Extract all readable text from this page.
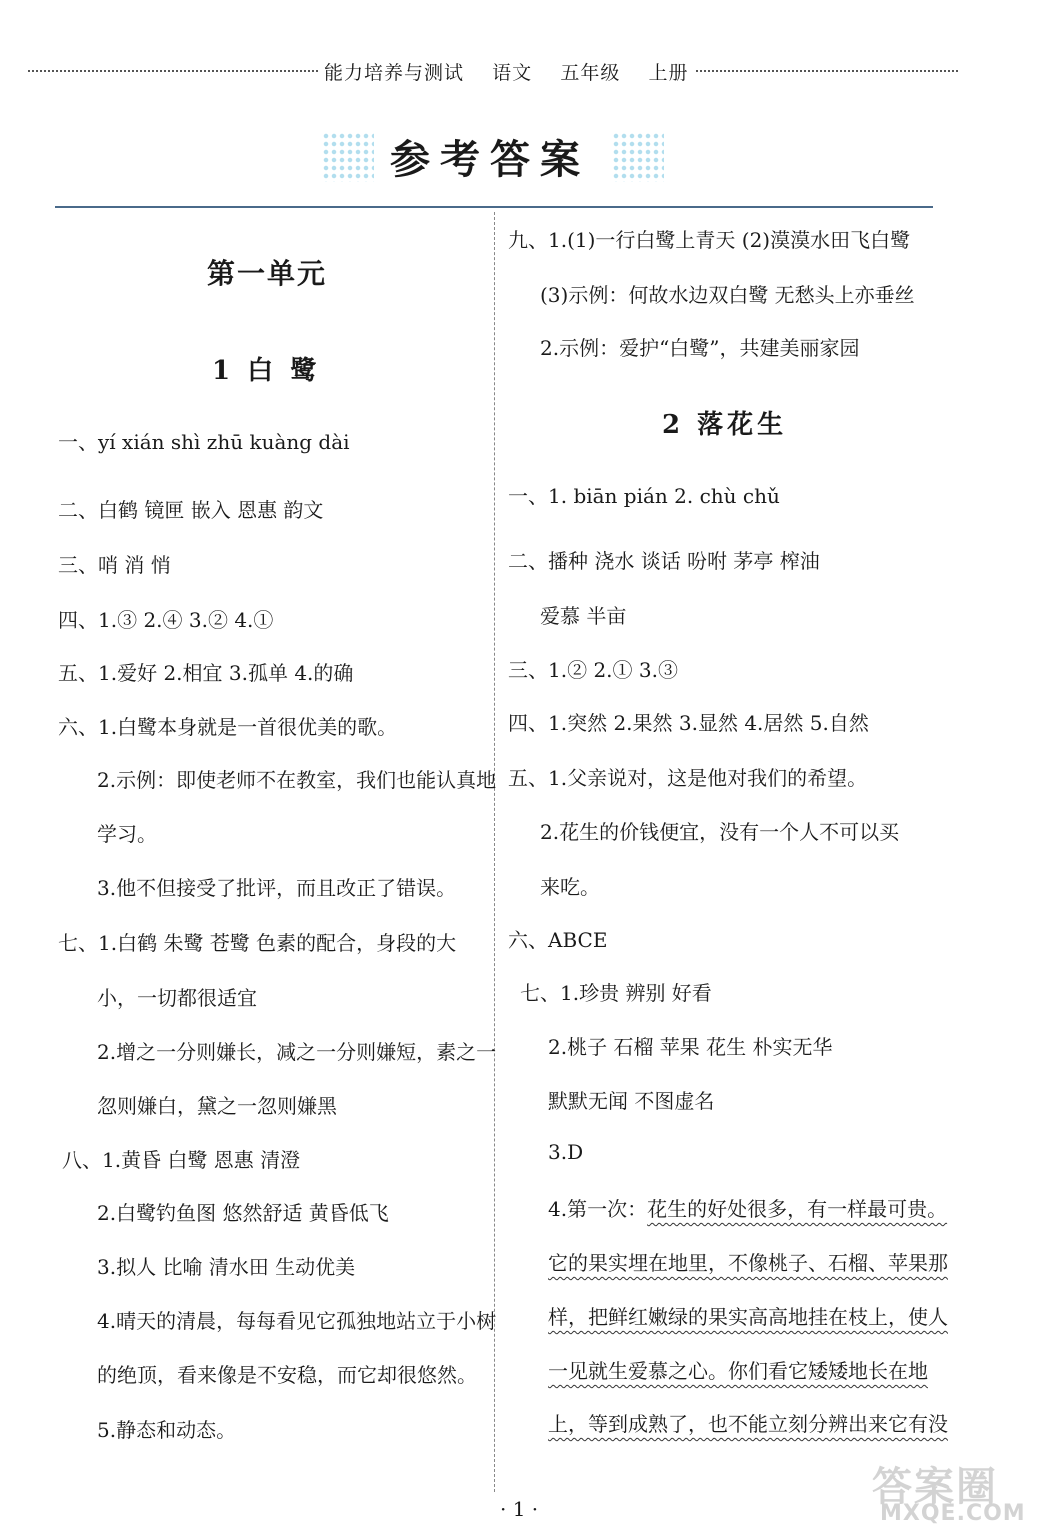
能力培养与测试    语文    五年级    上册
参考答案
第一单元
1 白 鹭
一、yí xián shì zhū kuàng dài
二、白鹤 镜匣 嵌入 恩惠 韵文
三、哨 消 悄
四、1.③ 2.④ 3.② 4.①
五、1.爱好 2.相宜 3.孤单 4.的确
六、1.白鹭本身就是一首很优美的歌。
2.示例：即使老师不在教室，我们也能认真地
学习。
3.他不但接受了批评，而且改正了错误。
七、1.白鹤 朱鹭 苍鹭 色素的配合，身段的大
小，一切都很适宜
2.增之一分则嫌长，减之一分则嫌短，素之一
忽则嫌白，黛之一忽则嫌黑
八、1.黄昏 白鹭 恩惠 清澄
2.白鹭钓鱼图 悠然舒适 黄昏低飞
3.拟人 比喻 清水田 生动优美
4.晴天的清晨，每每看见它孤独地站立于小树
的绝顶，看来像是不安稳，而它却很悠然。
5.静态和动态。
九、1.(1)一行白鹭上青天 (2)漠漠水田飞白鹭
(3)示例：何故水边双白鹭 无愁头上亦垂丝
2.示例：爱护“白鹭”，共建美丽家园
2 落花生
一、1. biān pián 2. chù chǔ
二、播种 浇水 谈话 吩咐 茅亭 榨油
爱慕 半亩
三、1.② 2.① 3.③
四、1.突然 2.果然 3.显然 4.居然 5.自然
五、1.父亲说对，这是他对我们的希望。
2.花生的价钱便宜，没有一个人不可以买
来吃。
六、ABCE
七、1.珍贵 辨别 好看
2.桃子 石榴 苹果 花生 朴实无华
默默无闻 不图虚名
3.D
4.第一次：花生的好处很多，有一样最可贵。
它的果实埋在地里，不像桃子、石榴、苹果那
样，把鲜红嫩绿的果实高高地挂在枝上，使人
一见就生爱慕之心。你们看它矮矮地长在地
上，等到成熟了，也不能立刻分辨出来它有没
· 1 ·	答案圈
MXQE.COM
